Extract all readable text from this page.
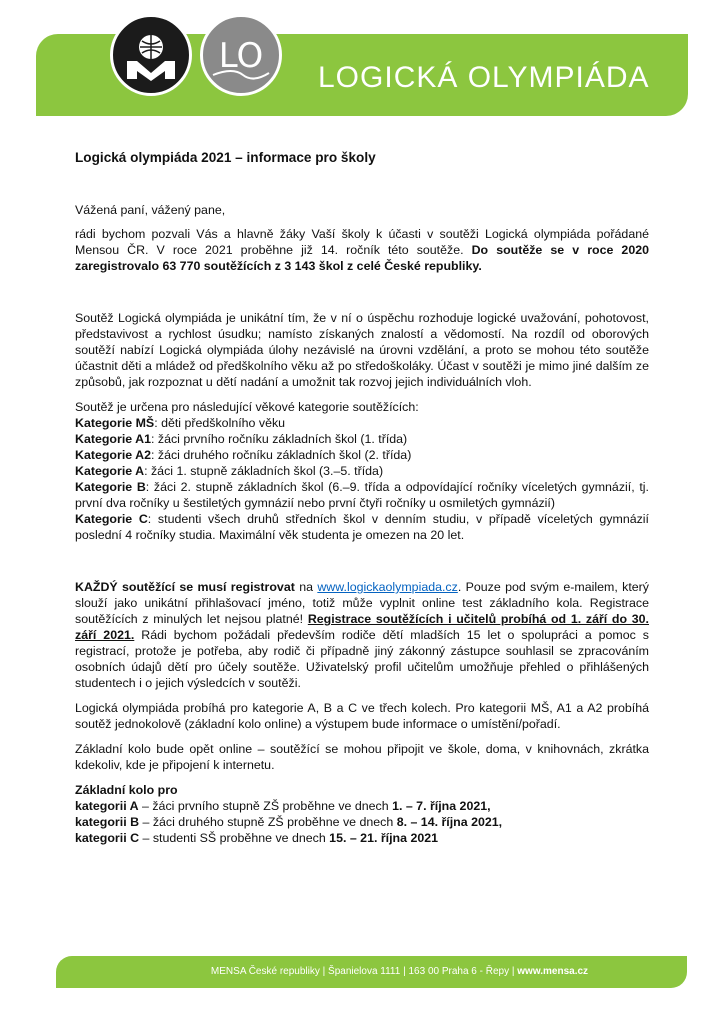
LO
LOGICKÁ OLYMPIÁDA
Logická olympiáda 2021 – informace pro školy

Vážená paní, vážený pane,

rádi bychom pozvali Vás a hlavně žáky Vaší školy k účasti v soutěži Logická olympiáda pořádané Mensou ČR. V roce 2021 proběhne již 14. ročník této soutěže. Do soutěže se v roce 2020 zaregistrovalo 63 770 soutěžících z 3 143 škol z celé České republiky.

Soutěž Logická olympiáda je unikátní tím, že v ní o úspěchu rozhoduje logické uvažování, pohotovost, představivost a rychlost úsudku; namísto získaných znalostí a vědomostí. Na rozdíl od oborových soutěží nabízí Logická olympiáda úlohy nezávislé na úrovni vzdělání, a proto se mohou této soutěže účastnit děti a mládež od předškolního věku až po středoškoláky. Účast v soutěži je mimo jiné dalším ze způsobů, jak rozpoznat u dětí nadání a umožnit tak rozvoj jejich individuálních vloh.

Soutěž je určena pro následující věkové kategorie soutěžících:

Kategorie MŠ: děti předškolního věku

Kategorie A1: žáci prvního ročníku základních škol (1. třída)

Kategorie A2: žáci druhého ročníku základních škol (2. třída)

Kategorie A: žáci 1. stupně základních škol (3.–5. třída)

Kategorie B: žáci 2. stupně základních škol (6.–9. třída a odpovídající ročníky víceletých gymnázií, tj. první dva ročníky u šestiletých gymnázií nebo první čtyři ročníky u osmiletých gymnázií)

Kategorie C: studenti všech druhů středních škol v denním studiu, v případě víceletých gymnázií poslední 4 ročníky studia. Maximální věk studenta je omezen na 20 let.

KAŽDÝ soutěžící se musí registrovat na www.logickaolympiada.cz. Pouze pod svým e-mailem, který slouží jako unikátní přihlašovací jméno, totiž může vyplnit online test základního kola. Registrace soutěžících z minulých let nejsou platné! Registrace soutěžících i učitelů probíhá od 1. září do 30. září 2021. Rádi bychom požádali především rodiče dětí mladších 15 let o spolupráci a pomoc s registrací, protože je potřeba, aby rodič či případně jiný zákonný zástupce souhlasil se zpracováním osobních údajů dětí pro účely soutěže. Uživatelský profil učitelům umožňuje přehled o přihlášených studentech i o jejich výsledcích v soutěži.

Logická olympiáda probíhá pro kategorie A, B a C ve třech kolech. Pro kategorii MŠ, A1 a A2 probíhá soutěž jednokolově (základní kolo online) a výstupem bude informace o umístění/pořadí.

Základní kolo bude opět online – soutěžící se mohou připojit ve škole, doma, v knihovnách, zkrátka kdekoliv, kde je připojení k internetu.

Základní kolo pro

kategorii A – žáci prvního stupně ZŠ proběhne ve dnech 1. – 7. října 2021,

kategorii B – žáci druhého stupně ZŠ proběhne ve dnech 8. – 14. října 2021,

kategorii C – studenti SŠ proběhne ve dnech 15. – 21. října 2021

MENSA České republiky | Španielova 1111 | 163 00 Praha 6 - Řepy | www.mensa.cz
